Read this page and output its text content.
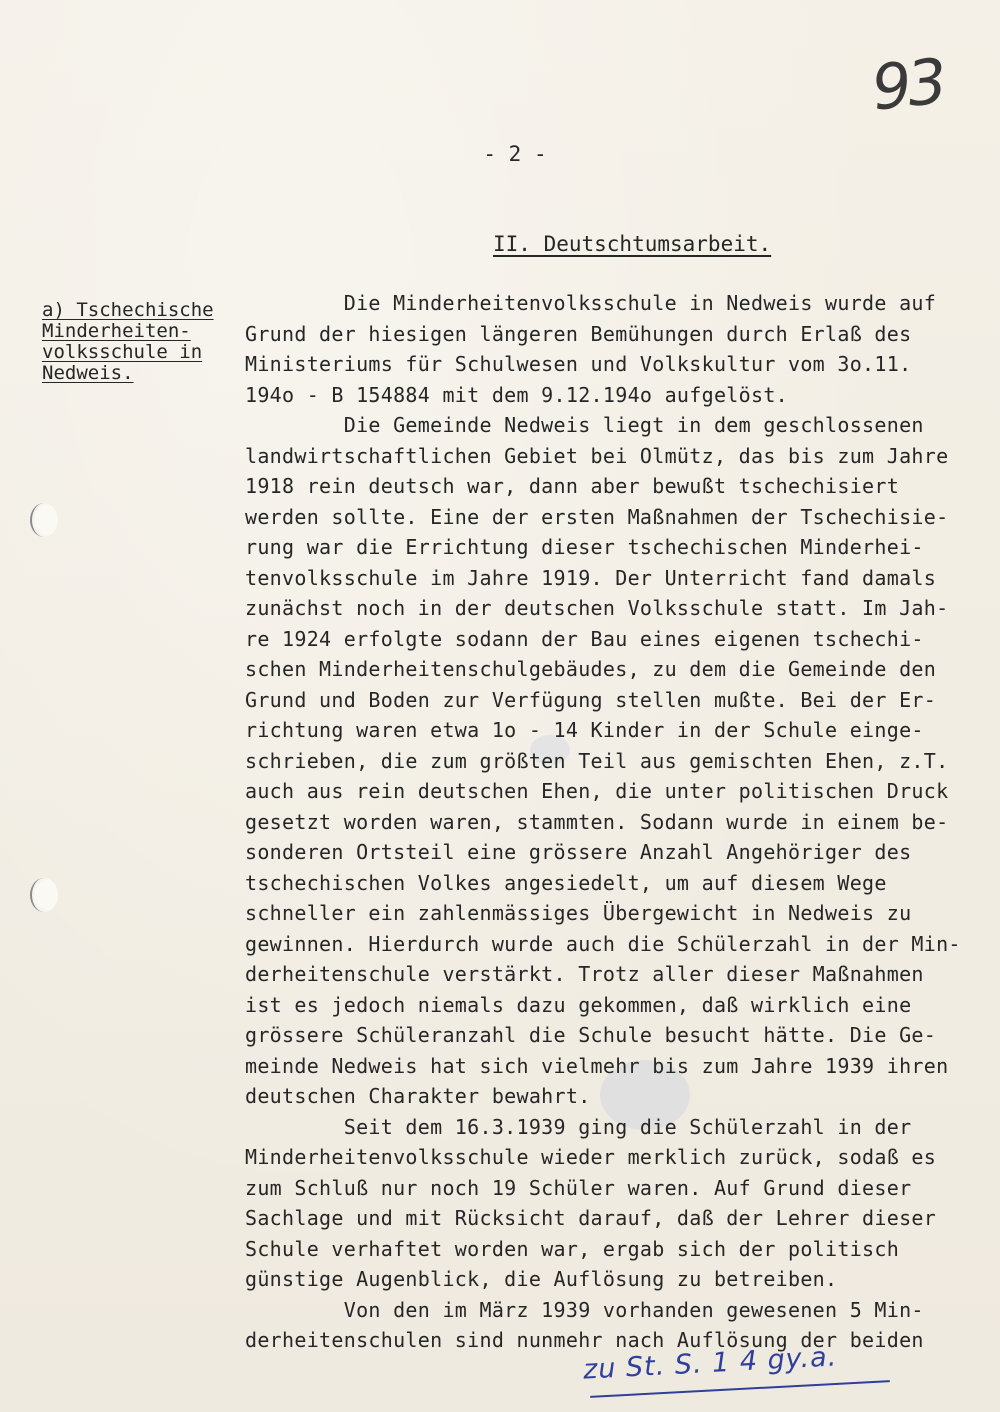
93
- 2 -
II. Deutschtumsarbeit.
a) Tschechische
Minderheiten-
volksschule in
Nedweis.
Die Minderheitenvolksschule in Nedweis wurde auf
Grund der hiesigen längeren Bemühungen durch Erlaß des
Ministeriums für Schulwesen und Volkskultur vom 3o.11.
194o - B 154884 mit dem 9.12.194o aufgelöst.
Die Gemeinde Nedweis liegt in dem geschlossenen
landwirtschaftlichen Gebiet bei Olmütz, das bis zum Jahre
1918 rein deutsch war, dann aber bewußt tschechisiert
werden sollte. Eine der ersten Maßnahmen der Tschechisie-
rung war die Errichtung dieser tschechischen Minderhei-
tenvolksschule im Jahre 1919. Der Unterricht fand damals
zunächst noch in der deutschen Volksschule statt. Im Jah-
re 1924 erfolgte sodann der Bau eines eigenen tschechi-
schen Minderheitenschulgebäudes, zu dem die Gemeinde den
Grund und Boden zur Verfügung stellen mußte. Bei der Er-
richtung waren etwa 1o - 14 Kinder in der Schule einge-
schrieben, die zum größten Teil aus gemischten Ehen, z.T.
auch aus rein deutschen Ehen, die unter politischen Druck
gesetzt worden waren, stammten. Sodann wurde in einem be-
sonderen Ortsteil eine grössere Anzahl Angehöriger des
tschechischen Volkes angesiedelt, um auf diesem Wege
schneller ein zahlenmässiges Übergewicht in Nedweis zu
gewinnen. Hierdurch wurde auch die Schülerzahl in der Min-
derheitenschule verstärkt. Trotz aller dieser Maßnahmen
ist es jedoch niemals dazu gekommen, daß wirklich eine
grössere Schüleranzahl die Schule besucht hätte. Die Ge-
meinde Nedweis hat sich vielmehr bis zum Jahre 1939 ihren
deutschen Charakter bewahrt.
Seit dem 16.3.1939 ging die Schülerzahl in der
Minderheitenvolksschule wieder merklich zurück, sodaß es
zum Schluß nur noch 19 Schüler waren. Auf Grund dieser
Sachlage und mit Rücksicht darauf, daß der Lehrer dieser
Schule verhaftet worden war, ergab sich der politisch
günstige Augenblick, die Auflösung zu betreiben.
Von den im März 1939 vorhanden gewesenen 5 Min-
derheitenschulen sind nunmehr nach Auflösung der beiden
zu St. S. 1 4 gy.a.
